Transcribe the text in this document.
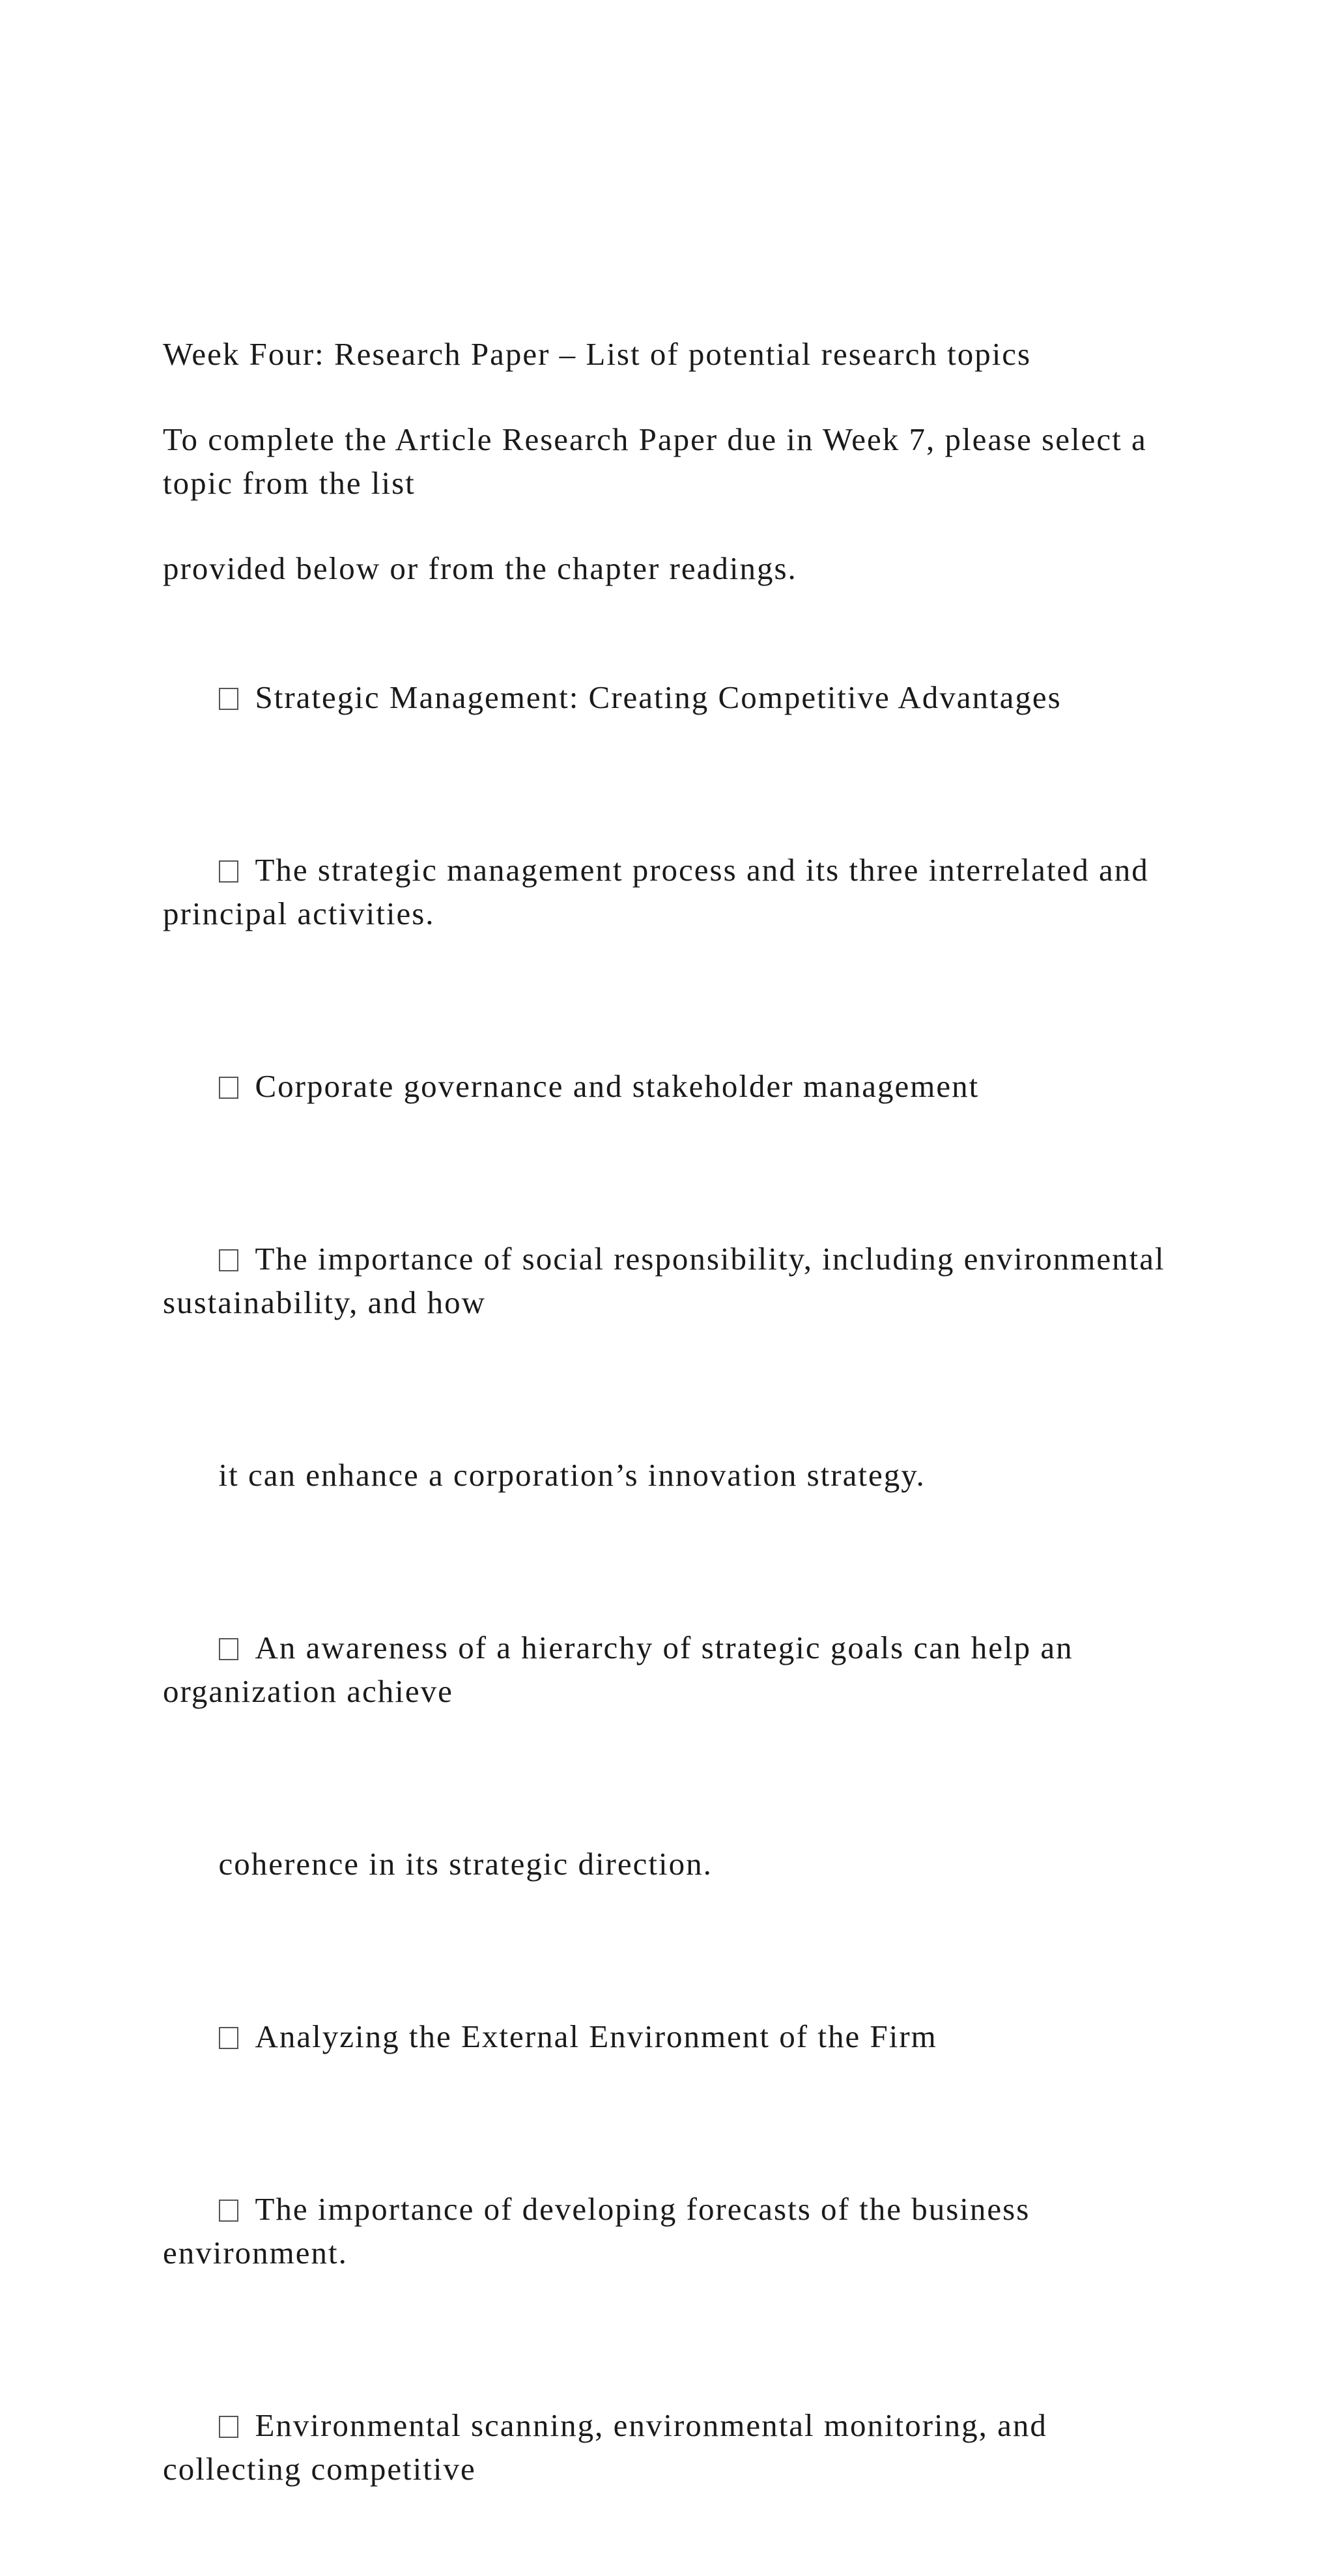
Week Four: Research Paper – List of potential research topics

To complete the Article Research Paper due in Week 7, please select a topic from the list

provided below or from the chapter readings.

Strategic Management: Creating Competitive Advantages

The strategic management process and its three interrelated and principal activities.

Corporate governance and stakeholder management

The importance of social responsibility, including environmental sustainability, and how

it can enhance a corporation’s innovation strategy.

An awareness of a hierarchy of strategic goals can help an organization achieve

coherence in its strategic direction.

Analyzing the External Environment of the Firm

The importance of developing forecasts of the business environment.

Environmental scanning, environmental monitoring, and collecting competitive
